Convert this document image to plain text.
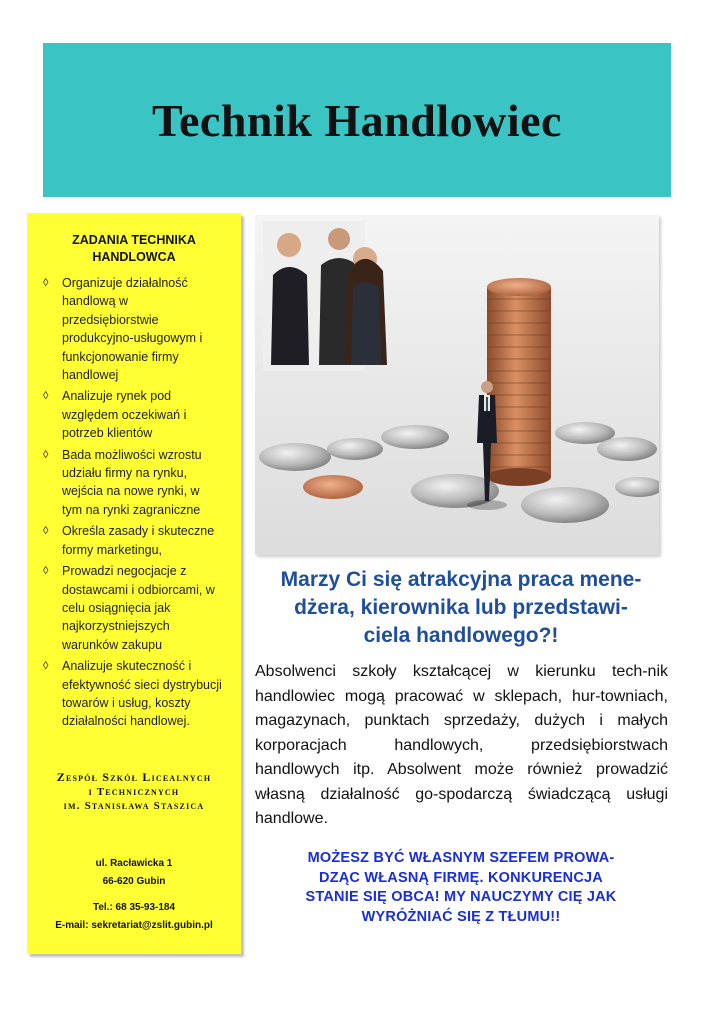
Technik Handlowiec
ZADANIA TECHNIKA
HANDLOWCA
◊ Organizuje działalność
handlową w
przedsiębiorstwie
produkcyjno-usługowym i
funkcjonowanie firmy
handlowej
◊ Analizuje rynek pod
względem oczekiwań i
potrzeb klientów
◊ Bada możliwości wzrostu
udziału firmy na rynku,
wejścia na nowe rynki, w
tym na rynki zagraniczne
◊ Określa zasady i skuteczne
formy marketingu,
◊ Prowadzi negocjacje z
dostawcami i odbiorcami, w
celu osiągnięcia jak
najkorzystniejszych
warunków zakupu
◊ Analizuje skuteczność i
efektywność sieci dystrybucji
towarów i usług, koszty
działalności handlowej.
Zespół Szkół Licealnych
i Technicznych
im. Stanisława Staszica
ul. Racławicka 1
66-620 Gubin
Tel.: 68 35-93-184
E-mail: sekretariat@zslit.gubin.pl
Marzy Ci się atrakcyjna praca mene-
dżera, kierownika lub przedstawi-
ciela handlowego?!
Absolwenci szkoły kształcącej w kierunku tech-nik handlowiec mogą pracować w sklepach, hur-towniach, magazynach, punktach sprzedaży, dużych i małych korporacjach handlowych, przedsiębiorstwach handlowych itp. Absolwent może również prowadzić własną działalność go-spodarczą świadczącą usługi handlowe.
MOŻESZ BYĆ WŁASNYM SZEFEM PROWA-
DZĄC WŁASNĄ FIRMĘ. KONKURENCJA
STANIE SIĘ OBCA! MY NAUCZYMY CIĘ JAK
WYRÓŻNIAĆ SIĘ Z TŁUMU!!
